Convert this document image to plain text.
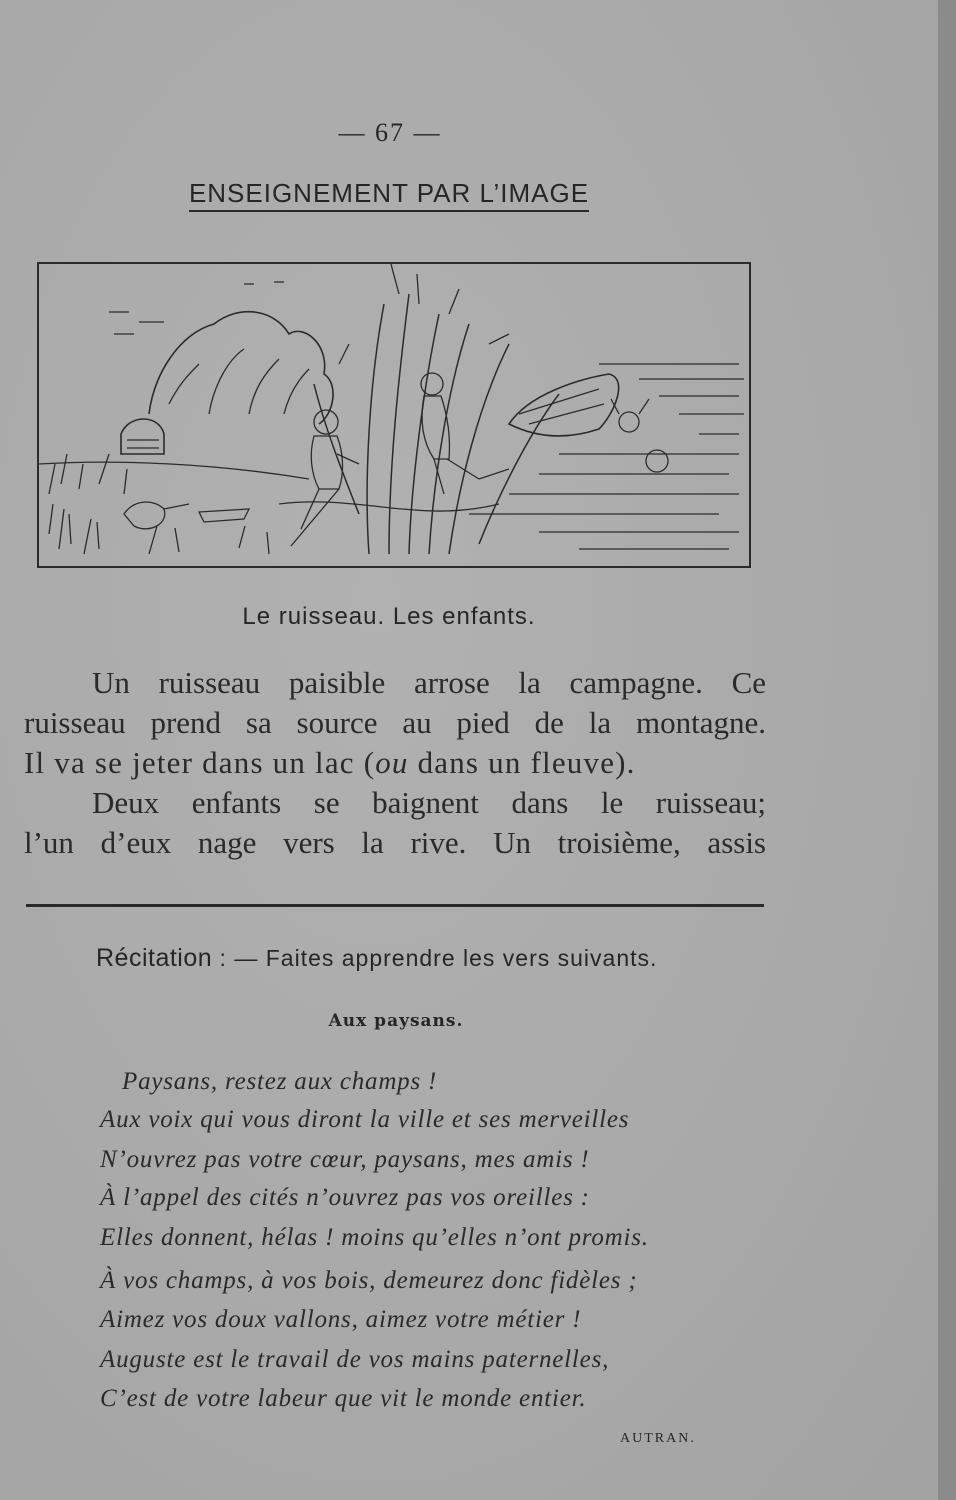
— 67 —
ENSEIGNEMENT PAR L’IMAGE
Le ruisseau. Les enfants.
Un ruisseau paisible arrose la campagne. Ce
ruisseau prend sa source au pied de la montagne.
Il va se jeter dans un lac (ou dans un fleuve).
Deux enfants se baignent dans le ruisseau;
l’un d’eux nage vers la rive. Un troisième, assis
Récitation : — Faites apprendre les vers suivants.
Aux paysans.
Paysans, restez aux champs !
Aux voix qui vous diront la ville et ses merveilles
N’ouvrez pas votre cœur, paysans, mes amis !
À l’appel des cités n’ouvrez pas vos oreilles :
Elles donnent, hélas ! moins qu’elles n’ont promis.
À vos champs, à vos bois, demeurez donc fidèles ;
Aimez vos doux vallons, aimez votre métier !
Auguste est le travail de vos mains paternelles,
C’est de votre labeur que vit le monde entier.
AUTRAN.
